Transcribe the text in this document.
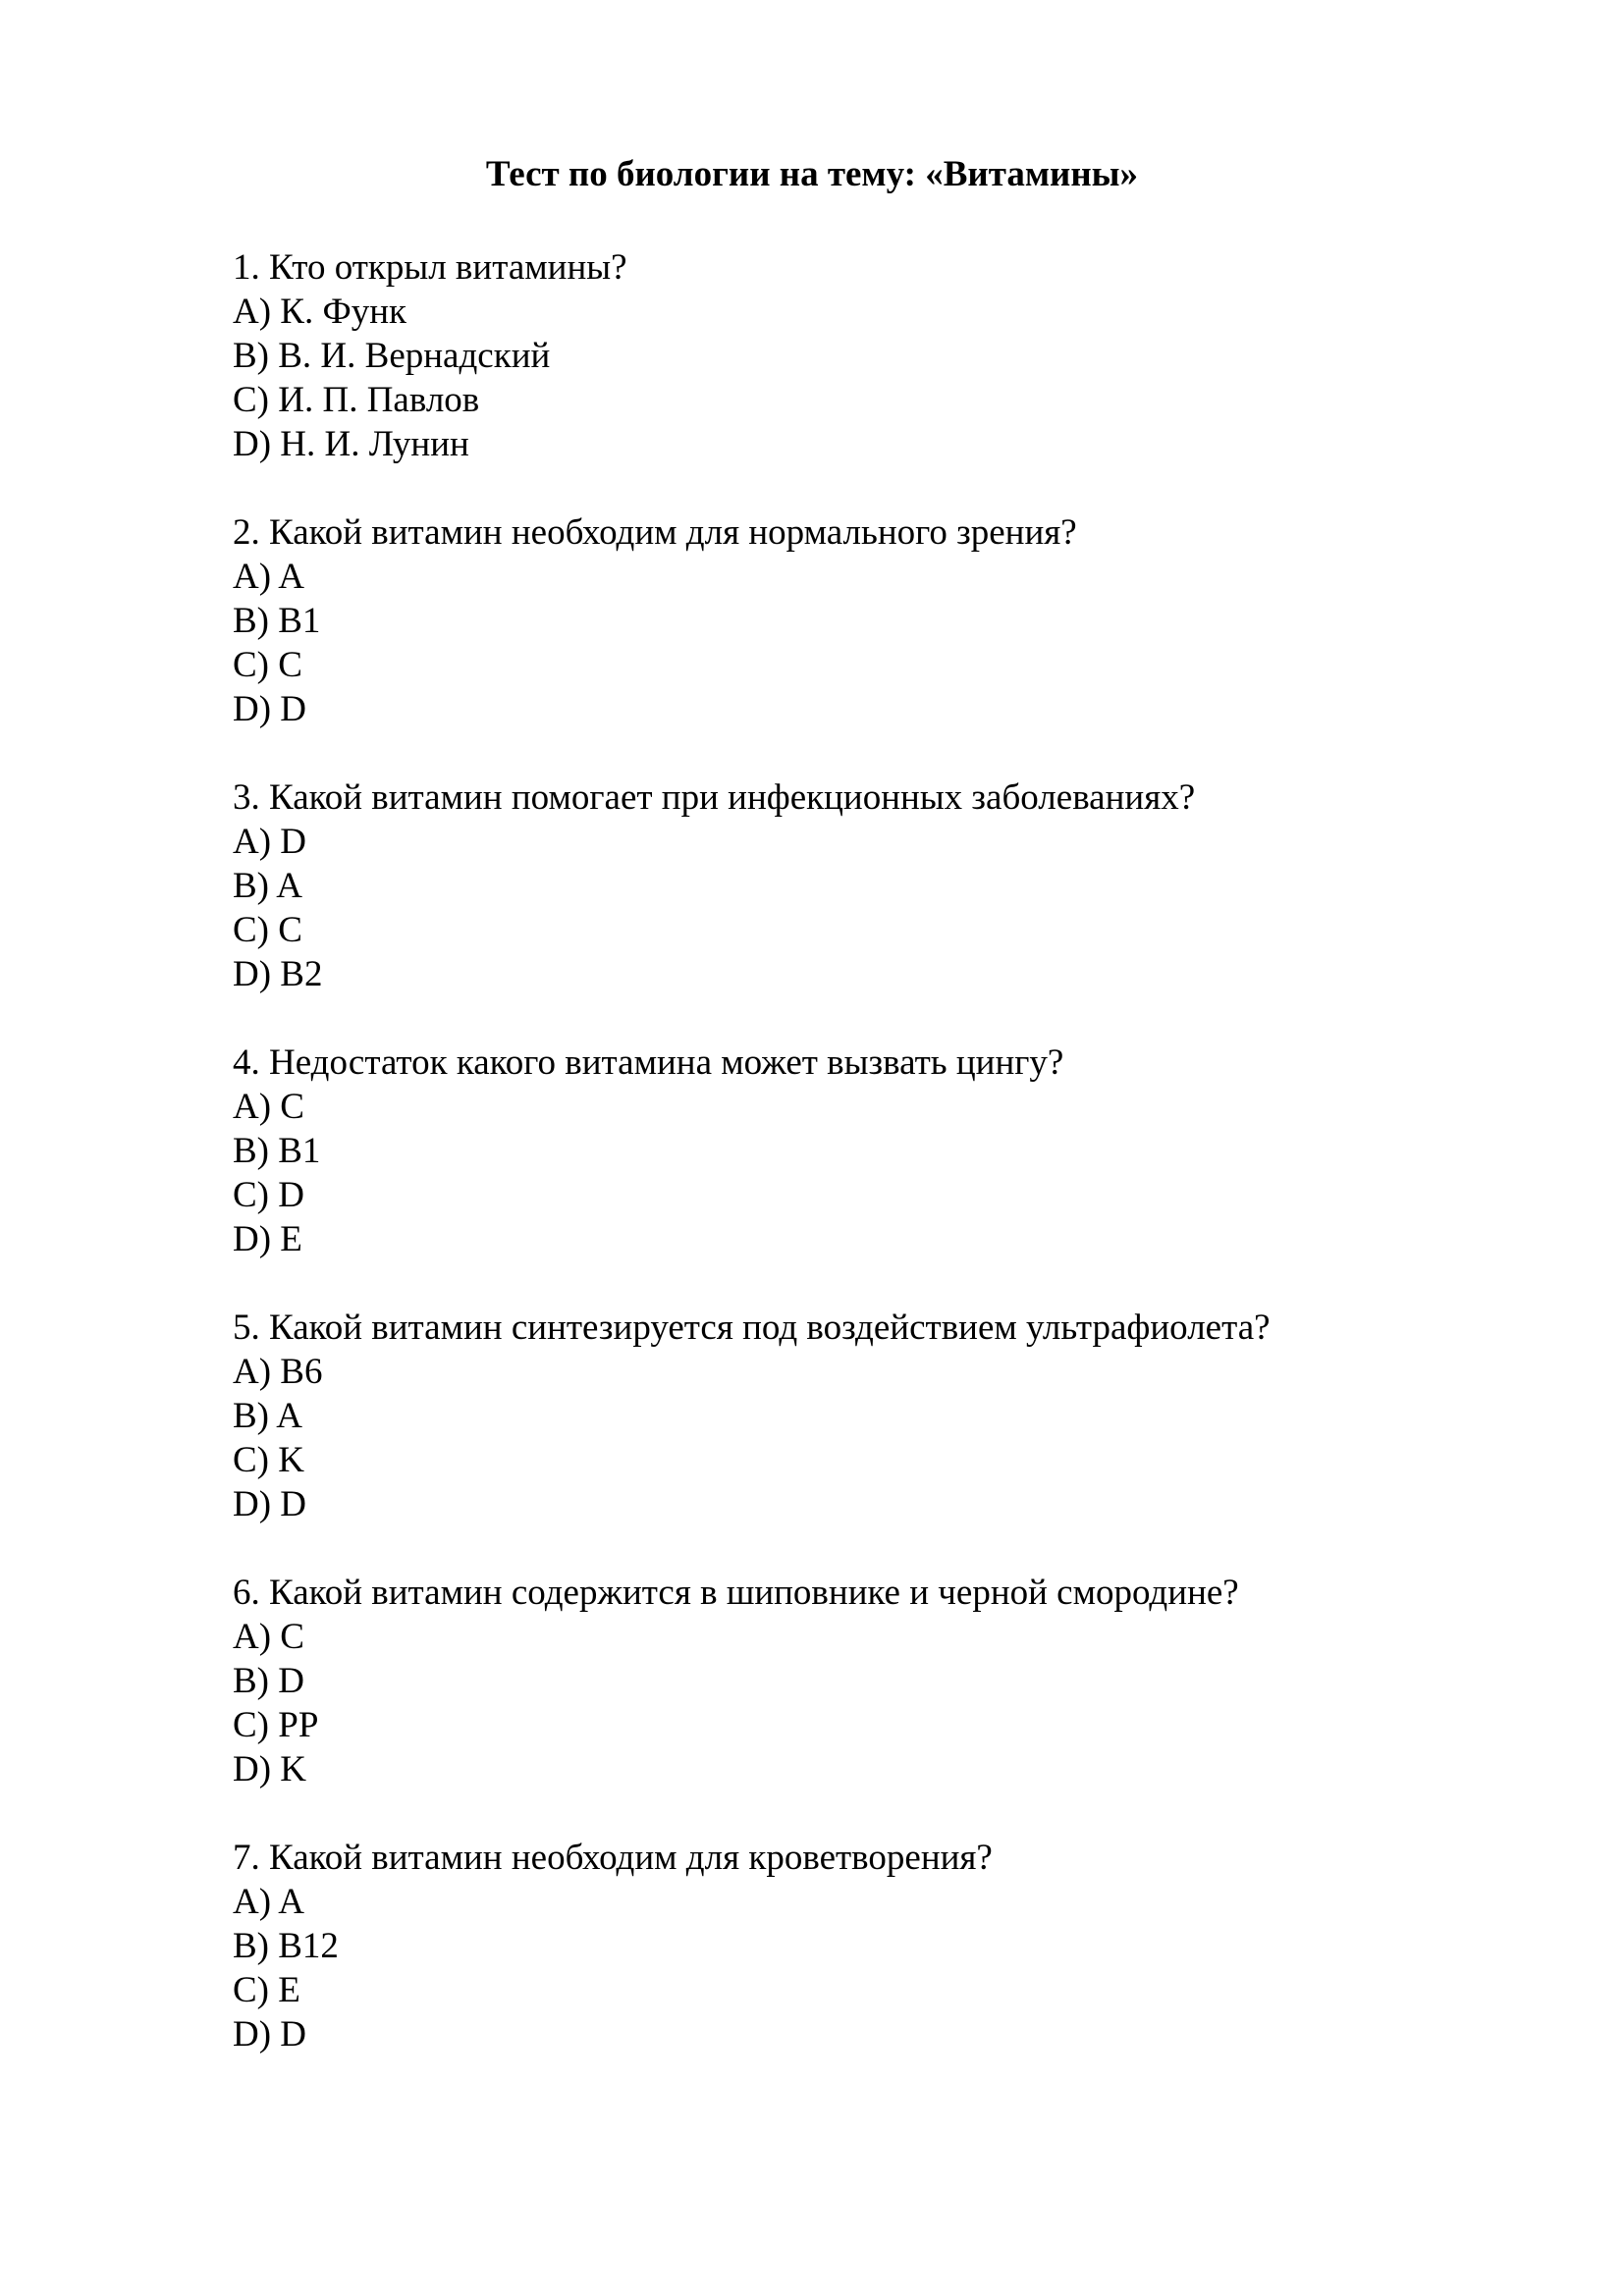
Тест по биологии на тему: «Витамины»
1. Кто открыл витамины?
A) К. Функ
B) В. И. Вернадский
C) И. П. Павлов
D) Н. И. Лунин
2. Какой витамин необходим для нормального зрения?
A) A
B) B1
C) C
D) D
3. Какой витамин помогает при инфекционных заболеваниях?
A) D
B) A
C) C
D) B2
4. Недостаток какого витамина может вызвать цингу?
A) C
B) B1
C) D
D) E
5. Какой витамин синтезируется под воздействием ультрафиолета?
A) B6
B) A
C) K
D) D
6. Какой витамин содержится в шиповнике и черной смородине?
A) C
B) D
C) PP
D) K
7. Какой витамин необходим для кроветворения?
A) A
B) B12
C) E
D) D
